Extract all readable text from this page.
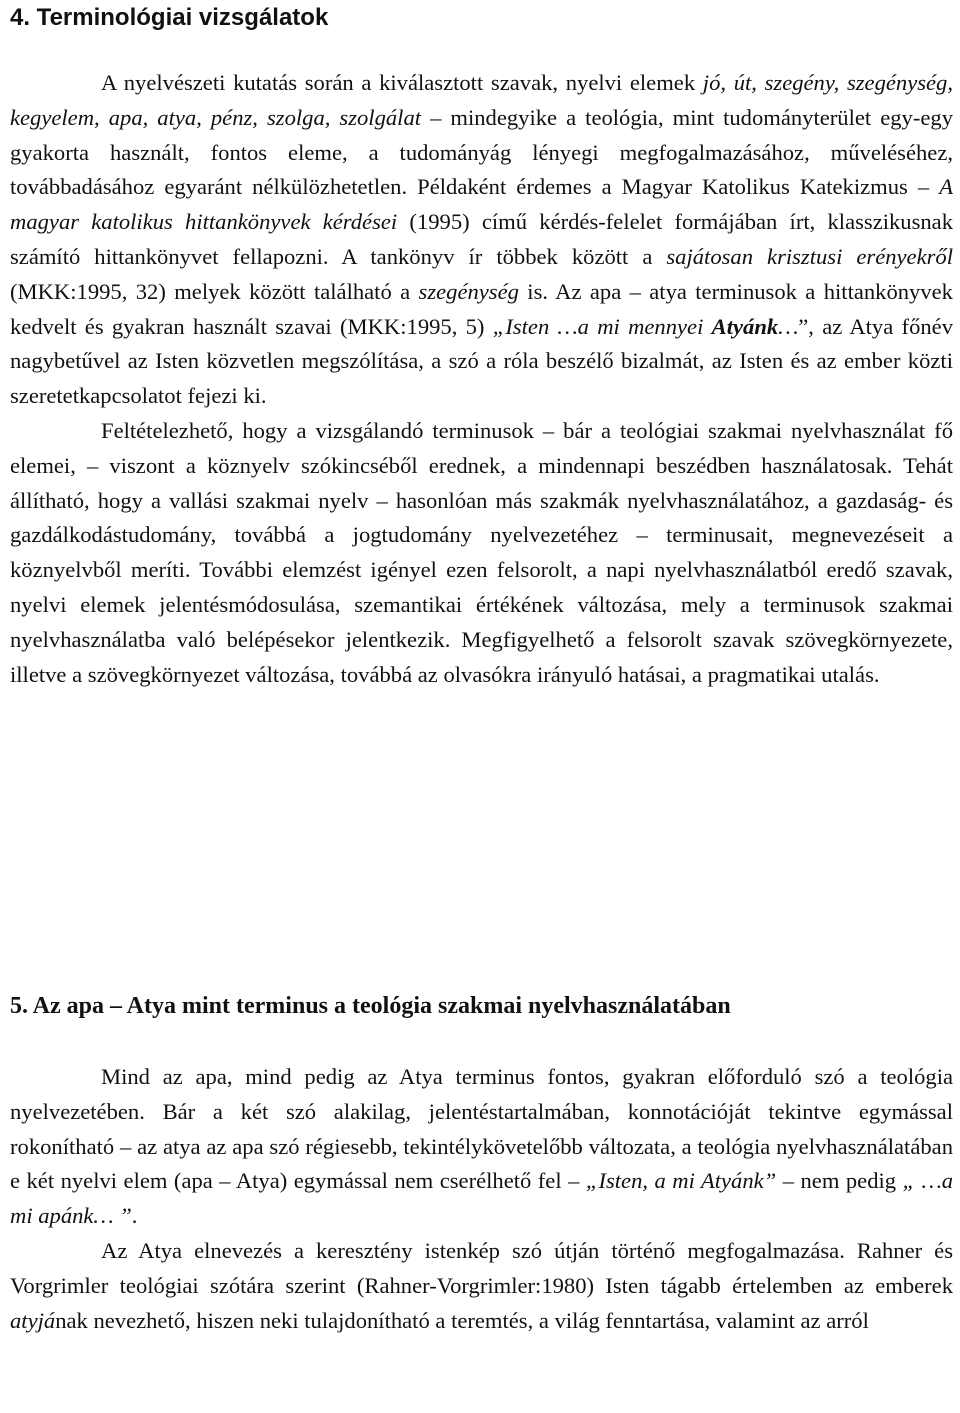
4. Terminológiai vizsgálatok

A nyelvészeti kutatás során a kiválasztott szavak, nyelvi elemek jó, út, szegény, szegénység, kegyelem, apa, atya, pénz, szolga, szolgálat – mindegyike a teológia, mint tudományterület egy-egy gyakorta használt, fontos eleme, a tudományág lényegi megfogalmazásához, műveléséhez, továbbadásához egyaránt nélkülözhetetlen. Példaként érdemes a Magyar Katolikus Katekizmus – A magyar katolikus hittankönyvek kérdései (1995) című kérdés-felelet formájában írt, klasszikusnak számító hittankönyvet fellapozni. A tankönyv ír többek között a sajátosan krisztusi erényekről (MKK:1995, 32) melyek között található a szegénység is. Az apa – atya terminusok a hittankönyvek kedvelt és gyakran használt szavai (MKK:1995, 5) „Isten …a mi mennyei Atyánk…”, az Atya főnév nagybetűvel az Isten közvetlen megszólítása, a szó a róla beszélő bizalmát, az Isten és az ember közti szeretetkapcsolatot fejezi ki.

Feltételezhető, hogy a vizsgálandó terminusok – bár a teológiai szakmai nyelvhasználat fő elemei, – viszont a köznyelv szókincséből erednek, a mindennapi beszédben használatosak. Tehát állítható, hogy a vallási szakmai nyelv – hasonlóan más szakmák nyelvhasználatához, a gazdaság- és gazdálkodástudomány, továbbá a jogtudomány nyelvezetéhez – terminusait, megnevezéseit a köznyelvből meríti. További elemzést igényel ezen felsorolt, a napi nyelvhasználatból eredő szavak, nyelvi elemek jelentésmódosulása, szemantikai értékének változása, mely a terminusok szakmai nyelvhasználatba való belépésekor jelentkezik. Megfigyelhető a felsorolt szavak szövegkörnyezete, illetve a szövegkörnyezet változása, továbbá az olvasókra irányuló hatásai, a pragmatikai utalás.

5. Az apa – Atya mint terminus a teológia szakmai nyelvhasználatában

Mind az apa, mind pedig az Atya terminus fontos, gyakran előforduló szó a teológia nyelvezetében. Bár a két szó alakilag, jelentéstartalmában, konnotációját tekintve egymással rokonítható – az atya az apa szó régiesebb, tekintélykövetelőbb változata, a teológia nyelvhasználatában e két nyelvi elem (apa – Atya) egymással nem cserélhető fel – „Isten, a mi Atyánk” – nem pedig „ …a mi apánk… ”.

Az Atya elnevezés a keresztény istenkép szó útján történő megfogalmazása. Rahner és Vorgrimler teológiai szótára szerint (Rahner-Vorgrimler:1980) Isten tágabb értelemben az emberek atyjának nevezhető, hiszen neki tulajdonítható a teremtés, a világ fenntartása, valamint az arról
